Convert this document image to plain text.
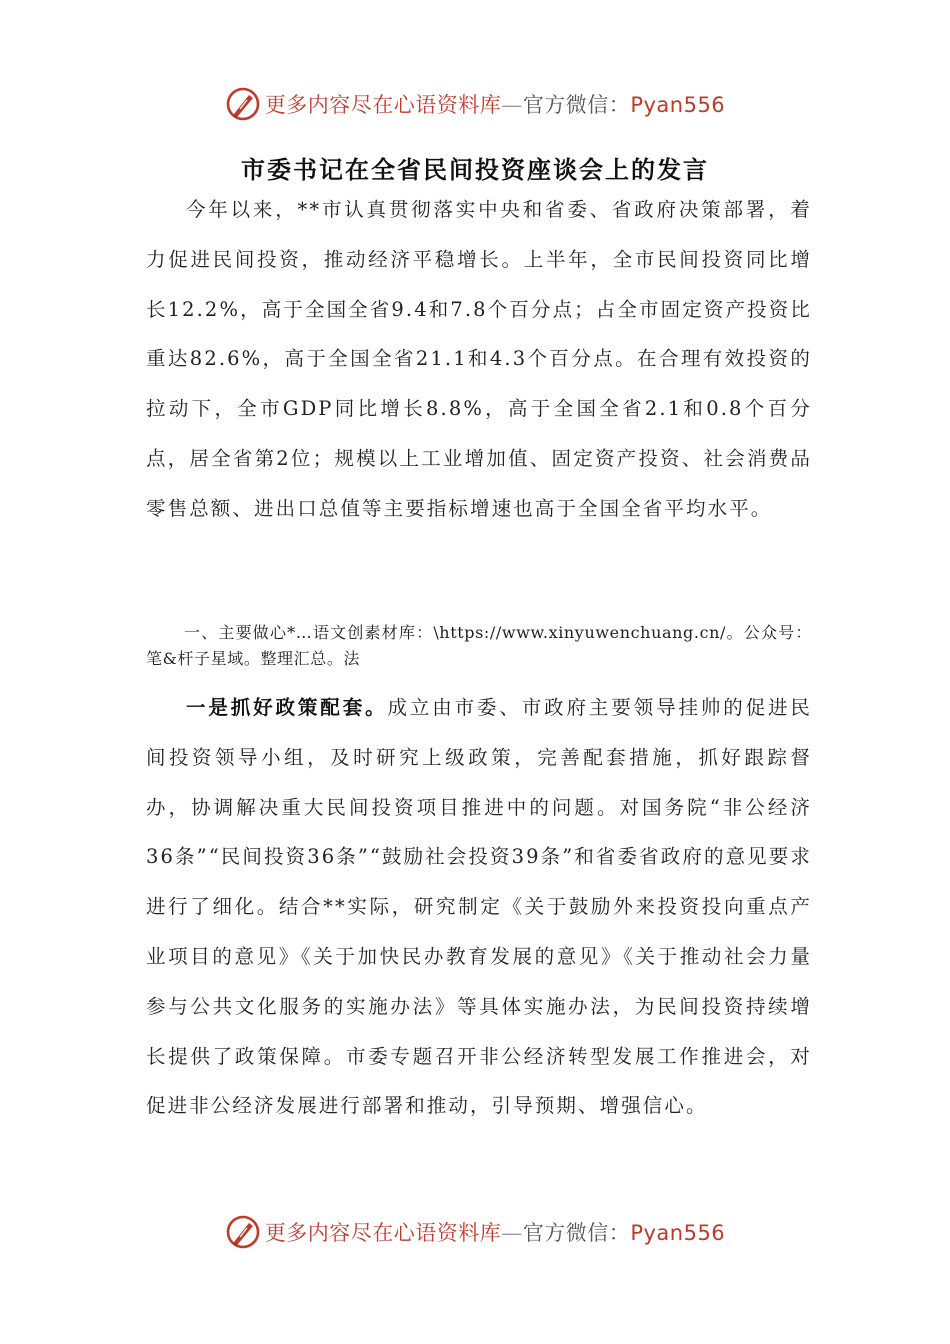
更多内容尽在心语资料库—官方微信：Pyan556
市委书记在全省民间投资座谈会上的发言

今年以来，**市认真贯彻落实中央和省委、省政府决策部署，着力促进民间投资，推动经济平稳增长。上半年，全市民间投资同比增长12.2%，高于全国全省9.4和7.8个百分点；占全市固定资产投资比重达82.6%，高于全国全省21.1和4.3个百分点。在合理有效投资的拉动下，全市GDP同比增长8.8%，高于全国全省2.1和0.8个百分点，居全省第2位；规模以上工业增加值、固定资产投资、社会消费品零售总额、进出口总值等主要指标增速也高于全国全省平均水平。

一、主要做心*…语文创素材库：\https://www.xinyuwenchuang.cn/。公众号：笔&杆子星域。整理汇总。法

一是抓好政策配套。成立由市委、市政府主要领导挂帅的促进民间投资领导小组，及时研究上级政策，完善配套措施，抓好跟踪督办，协调解决重大民间投资项目推进中的问题。对国务院“非公经济36条”“民间投资36条”“鼓励社会投资39条”和省委省政府的意见要求进行了细化。结合**实际，研究制定《关于鼓励外来投资投向重点产业项目的意见》《关于加快民办教育发展的意见》《关于推动社会力量参与公共文化服务的实施办法》等具体实施办法，为民间投资持续增长提供了政策保障。市委专题召开非公经济转型发展工作推进会，对促进非公经济发展进行部署和推动，引导预期、增强信心。

更多内容尽在心语资料库—官方微信：Pyan556
